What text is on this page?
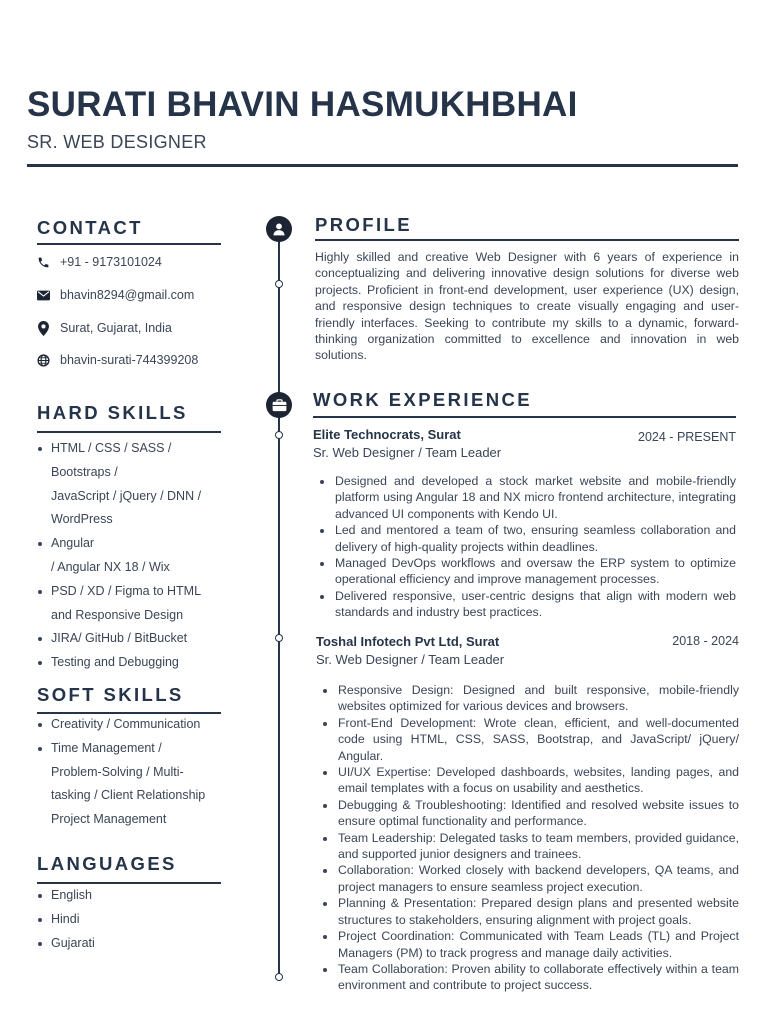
SURATI BHAVIN HASMUKHBHAI
SR. WEB DESIGNER
CONTACT
+91 - 9173101024
bhavin8294@gmail.com
Surat, Gujarat, India
bhavin-surati-744399208
HARD SKILLS
HTML / CSS / SASS /
Bootstraps /
JavaScript / jQuery / DNN /
WordPress
Angular
/ Angular NX 18 / Wix
PSD / XD / Figma to HTML
and Responsive Design
JIRA/ GitHub / BitBucket
Testing and Debugging
SOFT SKILLS
Creativity / Communication
Time Management /
Problem-Solving / Multi-
tasking / Client Relationship
Project Management
LANGUAGES
English
Hindi
Gujarati
PROFILE
Highly skilled and creative Web Designer with 6 years of experience in conceptualizing and delivering innovative design solutions for diverse web projects. Proficient in front-end development, user experience (UX) design, and responsive design techniques to create visually engaging and user-friendly interfaces. Seeking to contribute my skills to a dynamic, forward-thinking organization committed to excellence and innovation in web solutions.
WORK EXPERIENCE
Elite Technocrats, Surat	2024 - PRESENT
Sr. Web Designer / Team Leader
Designed and developed a stock market website and mobile-friendly platform using Angular 18 and NX micro frontend architecture, integrating advanced UI components with Kendo UI.
Led and mentored a team of two, ensuring seamless collaboration and delivery of high-quality projects within deadlines.
Managed DevOps workflows and oversaw the ERP system to optimize operational efficiency and improve management processes.
Delivered responsive, user-centric designs that align with modern web standards and industry best practices.
Toshal Infotech Pvt Ltd, Surat	2018 - 2024
Sr. Web Designer / Team Leader
Responsive Design: Designed and built responsive, mobile-friendly websites optimized for various devices and browsers.
Front-End Development: Wrote clean, efficient, and well-documented code using HTML, CSS, SASS, Bootstrap, and JavaScript/ jQuery/ Angular.
UI/UX Expertise: Developed dashboards, websites, landing pages, and email templates with a focus on usability and aesthetics.
Debugging & Troubleshooting: Identified and resolved website issues to ensure optimal functionality and performance.
Team Leadership: Delegated tasks to team members, provided guidance, and supported junior designers and trainees.
Collaboration: Worked closely with backend developers, QA teams, and project managers to ensure seamless project execution.
Planning & Presentation: Prepared design plans and presented website structures to stakeholders, ensuring alignment with project goals.
Project Coordination: Communicated with Team Leads (TL) and Project Managers (PM) to track progress and manage daily activities.
Team Collaboration: Proven ability to collaborate effectively within a team environment and contribute to project success.
